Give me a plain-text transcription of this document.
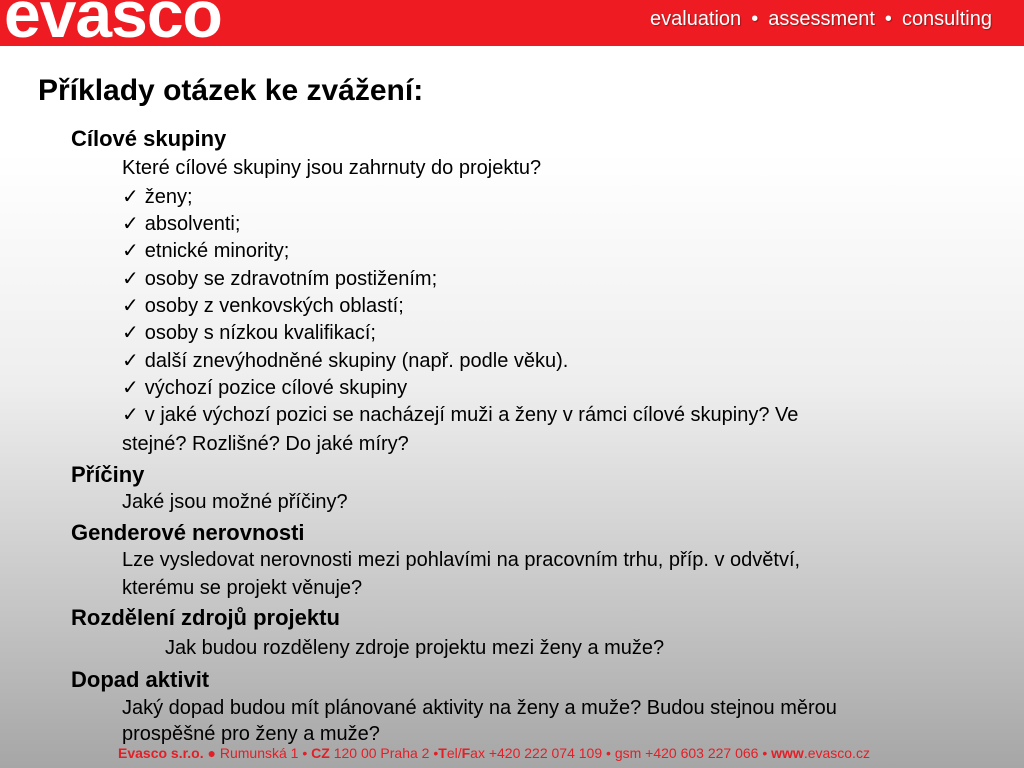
evasco	evaluation • assessment • consulting
Příklady otázek ke zvážení:
Cílové skupiny
Které cílové skupiny jsou zahrnuty do projektu?
✓ ženy;
✓ absolventi;
✓ etnické minority;
✓ osoby se zdravotním postižením;
✓ osoby z venkovských oblastí;
✓ osoby s nízkou kvalifikací;
✓ další znevýhodněné skupiny (např. podle věku).
✓ výchozí pozice cílové skupiny
✓ v jaké výchozí pozici se nacházejí muži a ženy v rámci cílové skupiny? Ve
stejné? Rozlišné? Do jaké míry?
Příčiny
Jaké jsou možné příčiny?
Genderové nerovnosti
Lze vysledovat nerovnosti mezi pohlavími na pracovním trhu, příp. v odvětví,
kterému se projekt věnuje?
Rozdělení zdrojů projektu
Jak budou rozděleny zdroje projektu mezi ženy a muže?
Dopad aktivit
Jaký dopad budou mít plánované aktivity na ženy a muže? Budou stejnou měrou
prospěšné pro ženy a muže?
Evasco s.r.o. ● Rumunská 1 • CZ 120 00 Praha 2 •Tel/Fax +420 222 074 109 • gsm +420 603 227 066 • www.evasco.cz
